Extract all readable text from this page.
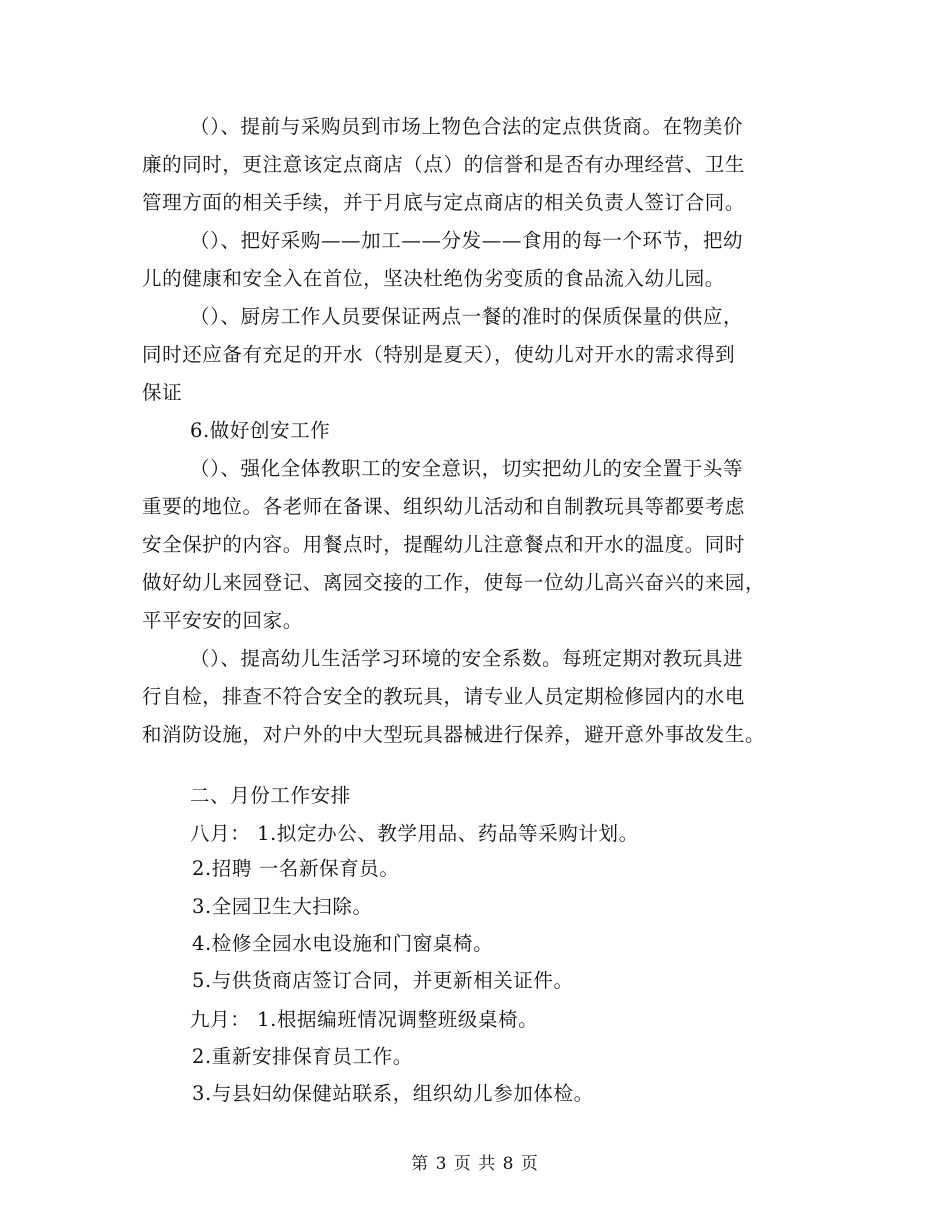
（）、提前与采购员到市场上物色合法的定点供货商。在物美价
廉的同时，更注意该定点商店（点）的信誉和是否有办理经营、卫生
管理方面的相关手续，并于月底与定点商店的相关负责人签订合同。
（）、把好采购——加工——分发——食用的每一个环节，把幼
儿的健康和安全入在首位，坚决杜绝伪劣变质的食品流入幼儿园。
（）、厨房工作人员要保证两点一餐的准时的保质保量的供应，
同时还应备有充足的开水（特别是夏天），使幼儿对开水的需求得到
保证
6.做好创安工作
（）、强化全体教职工的安全意识，切实把幼儿的安全置于头等
重要的地位。各老师在备课、组织幼儿活动和自制教玩具等都要考虑
安全保护的内容。用餐点时，提醒幼儿注意餐点和开水的温度。同时
做好幼儿来园登记、离园交接的工作，使每一位幼儿高兴奋兴的来园，
平平安安的回家。
（）、提高幼儿生活学习环境的安全系数。每班定期对教玩具进
行自检，排查不符合安全的教玩具，请专业人员定期检修园内的水电
和消防设施，对户外的中大型玩具器械进行保养，避开意外事故发生。
二、月份工作安排
八月： 1.拟定办公、教学用品、药品等采购计划。
2.招聘 一名新保育员。
3.全园卫生大扫除。
4.检修全园水电设施和门窗桌椅。
5.与供货商店签订合同，并更新相关证件。
九月： 1.根据编班情况调整班级桌椅。
2.重新安排保育员工作。
3.与县妇幼保健站联系，组织幼儿参加体检。
第 3 页 共 8 页
